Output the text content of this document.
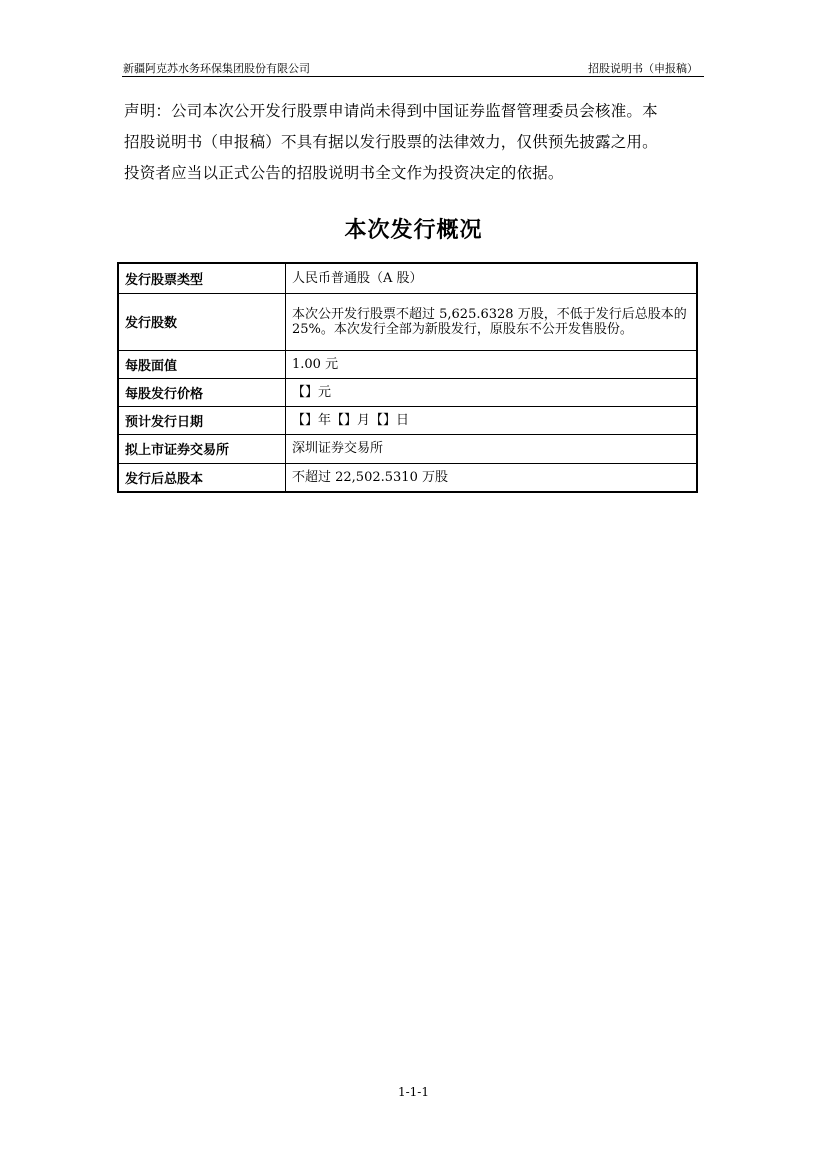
新疆阿克苏水务环保集团股份有限公司	招股说明书（申报稿）

声明：公司本次公开发行股票申请尚未得到中国证券监督管理委员会核准。本

招股说明书（申报稿）不具有据以发行股票的法律效力，仅供预先披露之用。

投资者应当以正式公告的招股说明书全文作为投资决定的依据。

本次发行概况
发行股票类型	人民币普通股（A 股）
发行股数	本次公开发行股票不超过 5,625.6328 万股，不低于发行后总股本的 25%。本次发行全部为新股发行，原股东不公开发售股份。
每股面值	1.00 元
每股发行价格	【】元
预计发行日期	【】年【】月【】日
拟上市证券交易所	深圳证券交易所
发行后总股本	不超过 22,502.5310 万股
1-1-1
